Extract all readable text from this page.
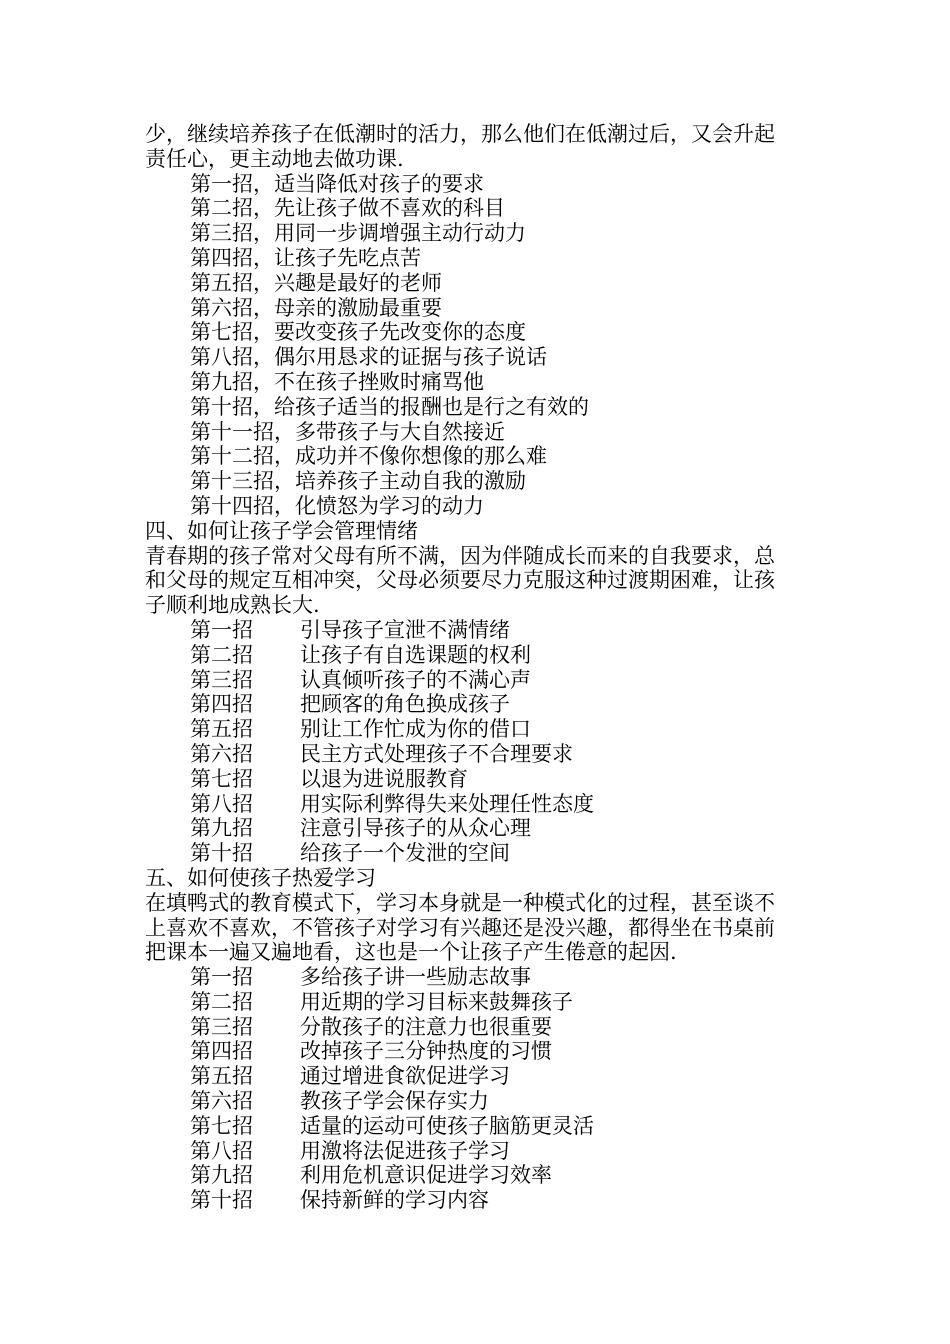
少，继续培养孩子在低潮时的活力，那么他们在低潮过后，又会升起
责任心，更主动地去做功课.
第一招，适当降低对孩子的要求
第二招，先让孩子做不喜欢的科目
第三招，用同一步调增强主动行动力
第四招，让孩子先吃点苦
第五招，兴趣是最好的老师
第六招，母亲的激励最重要
第七招，要改变孩子先改变你的态度
第八招，偶尔用恳求的证据与孩子说话
第九招，不在孩子挫败时痛骂他
第十招，给孩子适当的报酬也是行之有效的
第十一招，多带孩子与大自然接近
第十二招，成功并不像你想像的那么难
第十三招，培养孩子主动自我的激励
第十四招，化愤怒为学习的动力
四、如何让孩子学会管理情绪
青春期的孩子常对父母有所不满，因为伴随成长而来的自我要求，总
和父母的规定互相冲突，父母必须要尽力克服这种过渡期困难，让孩
子顺利地成熟长大.
第一招 引导孩子宣泄不满情绪
第二招 让孩子有自选课题的权利
第三招 认真倾听孩子的不满心声
第四招 把顾客的角色换成孩子
第五招 别让工作忙成为你的借口
第六招 民主方式处理孩子不合理要求
第七招 以退为进说服教育
第八招 用实际利弊得失来处理任性态度
第九招 注意引导孩子的从众心理
第十招 给孩子一个发泄的空间
五、如何使孩子热爱学习
在填鸭式的教育模式下，学习本身就是一种模式化的过程，甚至谈不
上喜欢不喜欢，不管孩子对学习有兴趣还是没兴趣，都得坐在书桌前
把课本一遍又遍地看，这也是一个让孩子产生倦意的起因.
第一招 多给孩子讲一些励志故事
第二招 用近期的学习目标来鼓舞孩子
第三招 分散孩子的注意力也很重要
第四招 改掉孩子三分钟热度的习惯
第五招 通过增进食欲促进学习
第六招 教孩子学会保存实力
第七招 适量的运动可使孩子脑筋更灵活
第八招 用激将法促进孩子学习
第九招 利用危机意识促进学习效率
第十招 保持新鲜的学习内容
